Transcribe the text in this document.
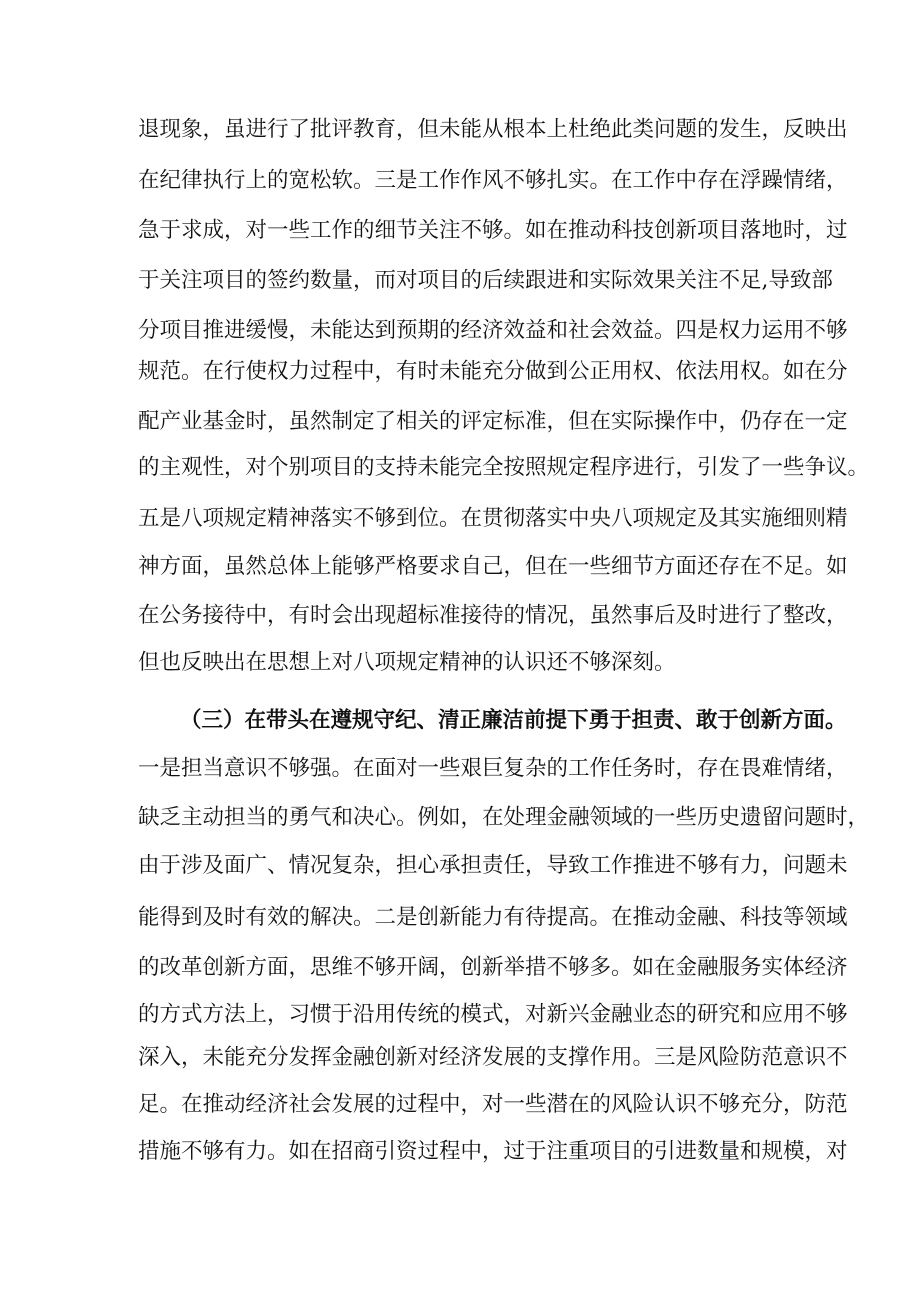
退现象，虽进行了批评教育，但未能从根本上杜绝此类问题的发生，反映出
在纪律执行上的宽松软。三是工作作风不够扎实。在工作中存在浮躁情绪，
急于求成，对一些工作的细节关注不够。如在推动科技创新项目落地时，过
于关注项目的签约数量，而对项目的后续跟进和实际效果关注不足,导致部
分项目推进缓慢，未能达到预期的经济效益和社会效益。四是权力运用不够
规范。在行使权力过程中，有时未能充分做到公正用权、依法用权。如在分
配产业基金时，虽然制定了相关的评定标准，但在实际操作中，仍存在一定
的主观性，对个别项目的支持未能完全按照规定程序进行，引发了一些争议。
五是八项规定精神落实不够到位。在贯彻落实中央八项规定及其实施细则精
神方面，虽然总体上能够严格要求自己，但在一些细节方面还存在不足。如
在公务接待中，有时会出现超标准接待的情况，虽然事后及时进行了整改，
但也反映出在思想上对八项规定精神的认识还不够深刻。
（三）在带头在遵规守纪、清正廉洁前提下勇于担责、敢于创新方面。
一是担当意识不够强。在面对一些艰巨复杂的工作任务时，存在畏难情绪，
缺乏主动担当的勇气和决心。例如，在处理金融领域的一些历史遗留问题时，
由于涉及面广、情况复杂，担心承担责任，导致工作推进不够有力，问题未
能得到及时有效的解决。二是创新能力有待提高。在推动金融、科技等领域
的改革创新方面，思维不够开阔，创新举措不够多。如在金融服务实体经济
的方式方法上，习惯于沿用传统的模式，对新兴金融业态的研究和应用不够
深入，未能充分发挥金融创新对经济发展的支撑作用。三是风险防范意识不
足。在推动经济社会发展的过程中，对一些潜在的风险认识不够充分，防范
措施不够有力。如在招商引资过程中，过于注重项目的引进数量和规模，对
